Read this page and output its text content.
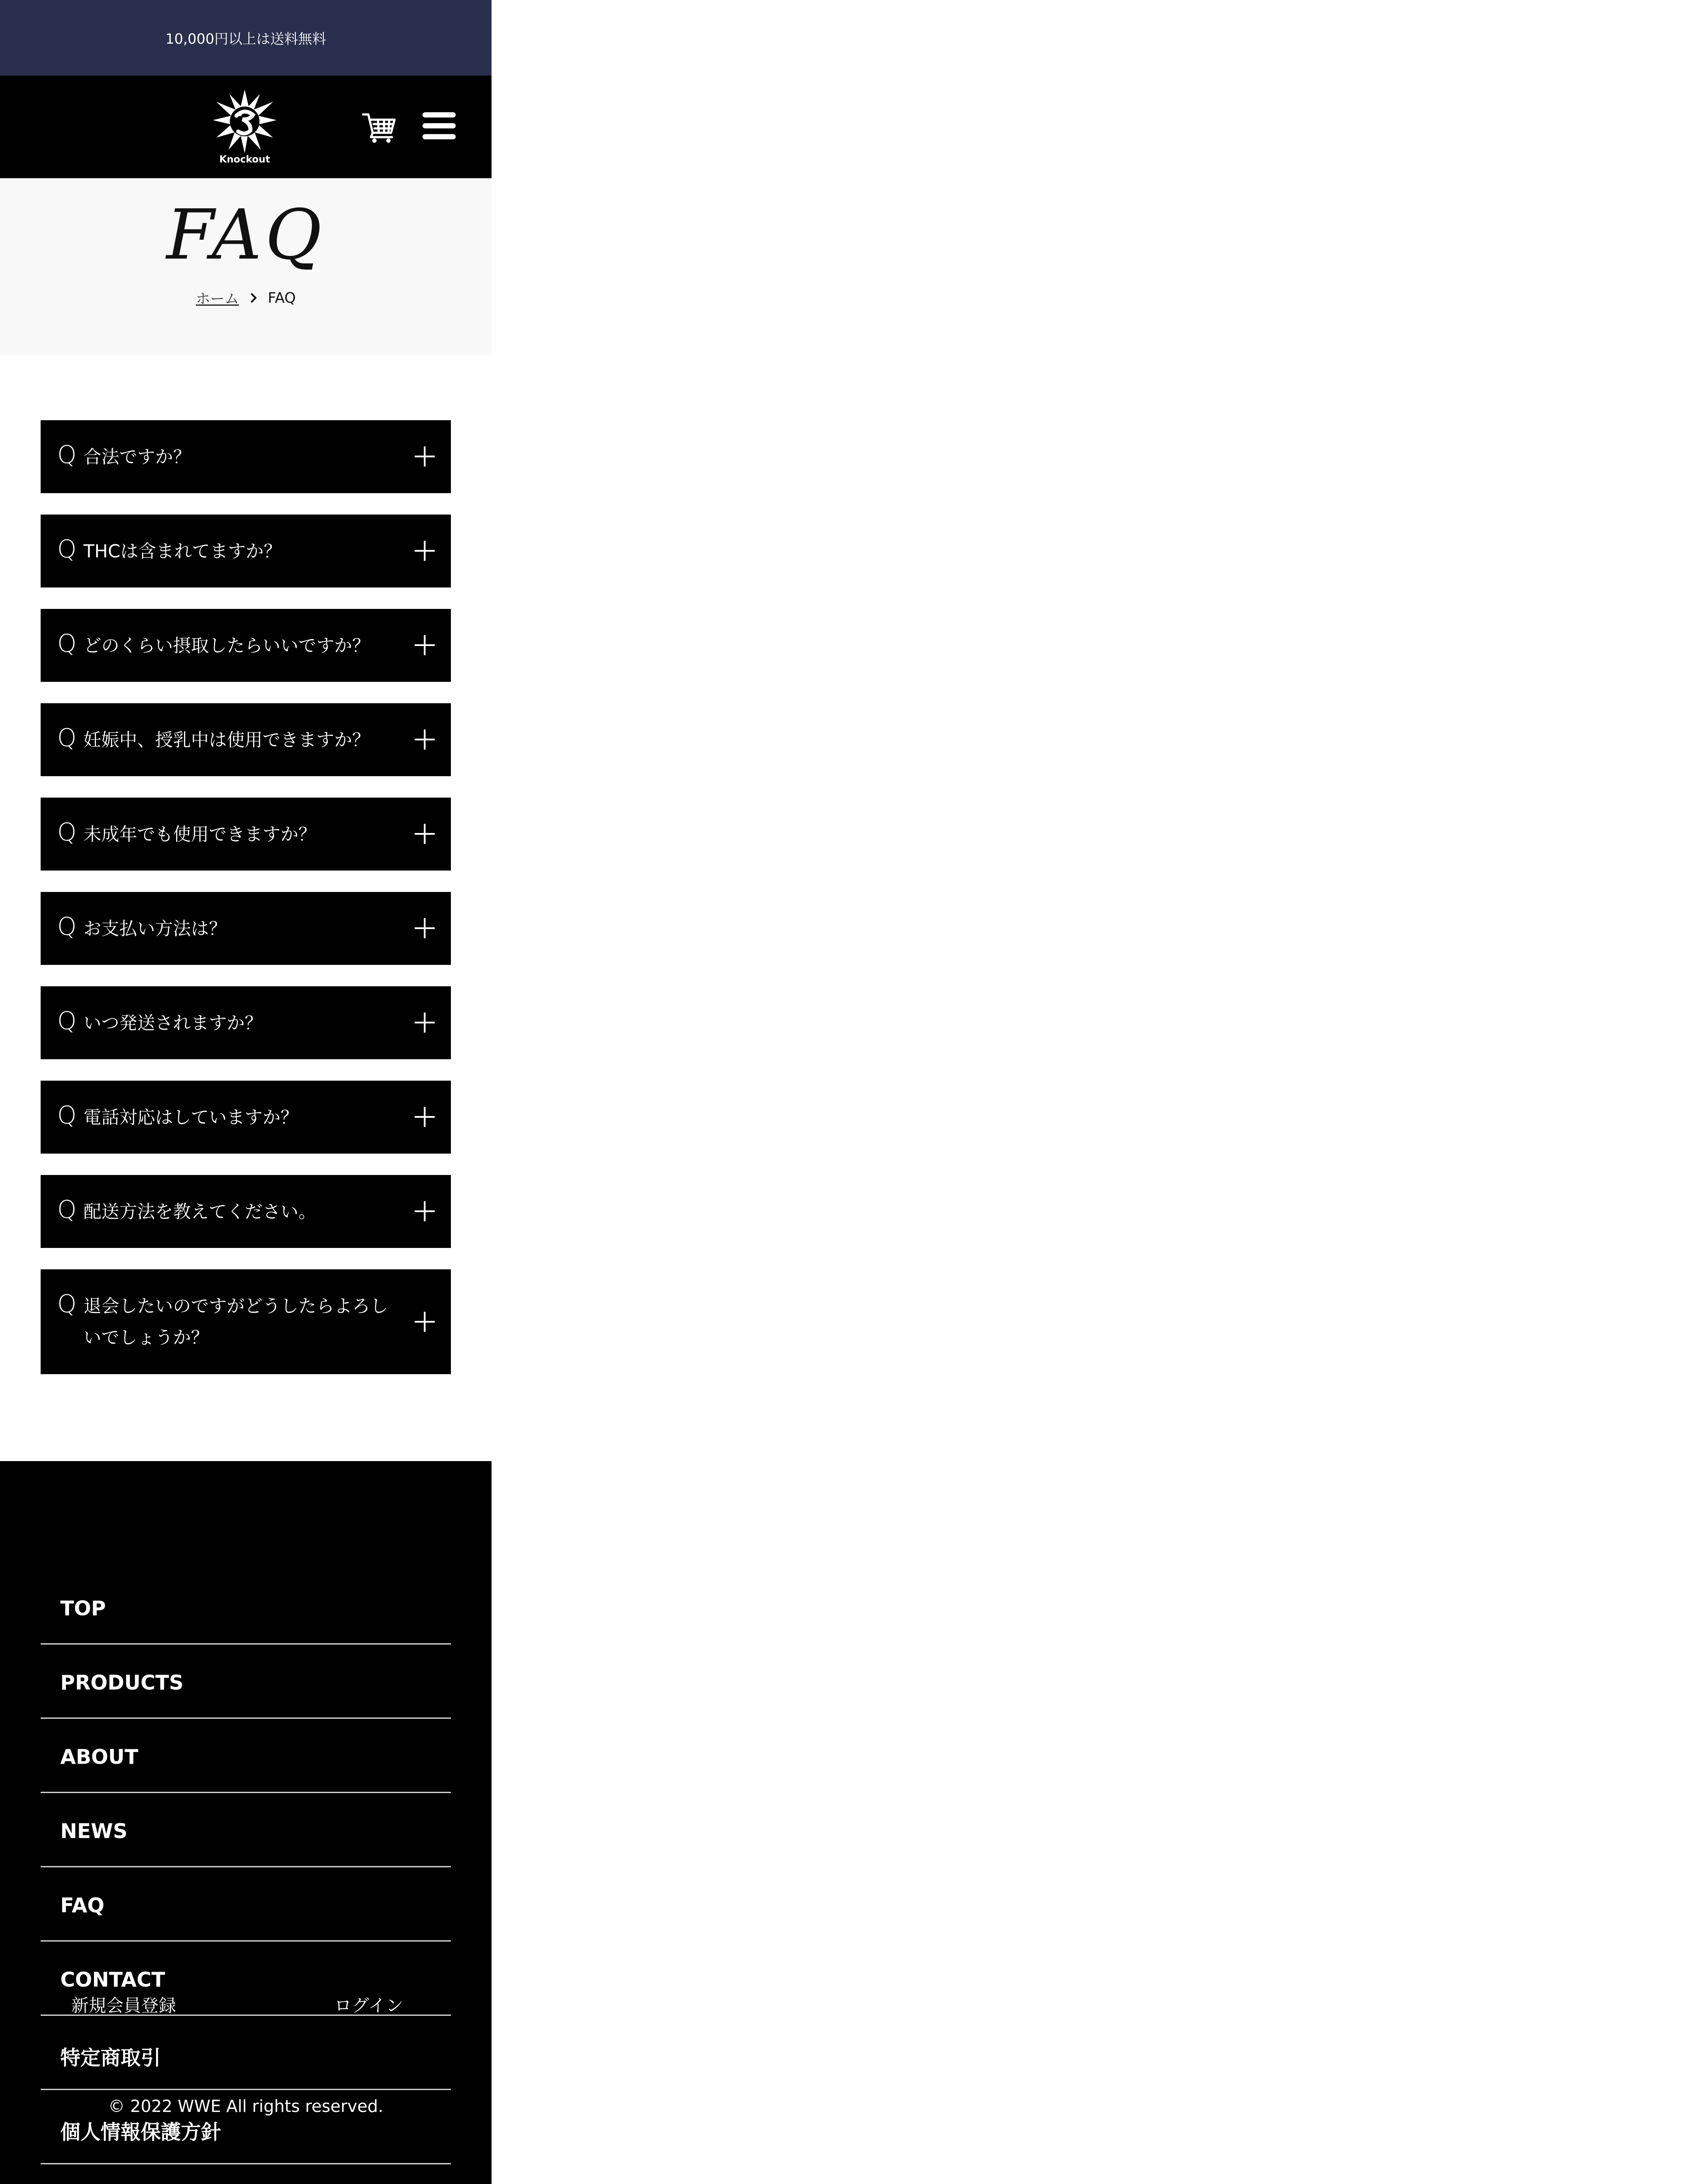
10,000円以上は送料無料
Knockout
FAQ
ホーム FAQ
Q 合法ですか？
Q THCは含まれてますか？
Q どのくらい摂取したらいいですか？
Q 妊娠中、授乳中は使用できますか？
Q 未成年でも使用できますか？
Q お支払い方法は？
Q いつ発送されますか？
Q 電話対応はしていますか？
Q 配送方法を教えてください。
Q 退会したいのですがどうしたらよろし
いでしょうか？
TOP
PRODUCTS
ABOUT
NEWS
FAQ
CONTACT
特定商取引
個人情報保護方針
新規会員登録	ログイン
© 2022 WWE All rights reserved.
